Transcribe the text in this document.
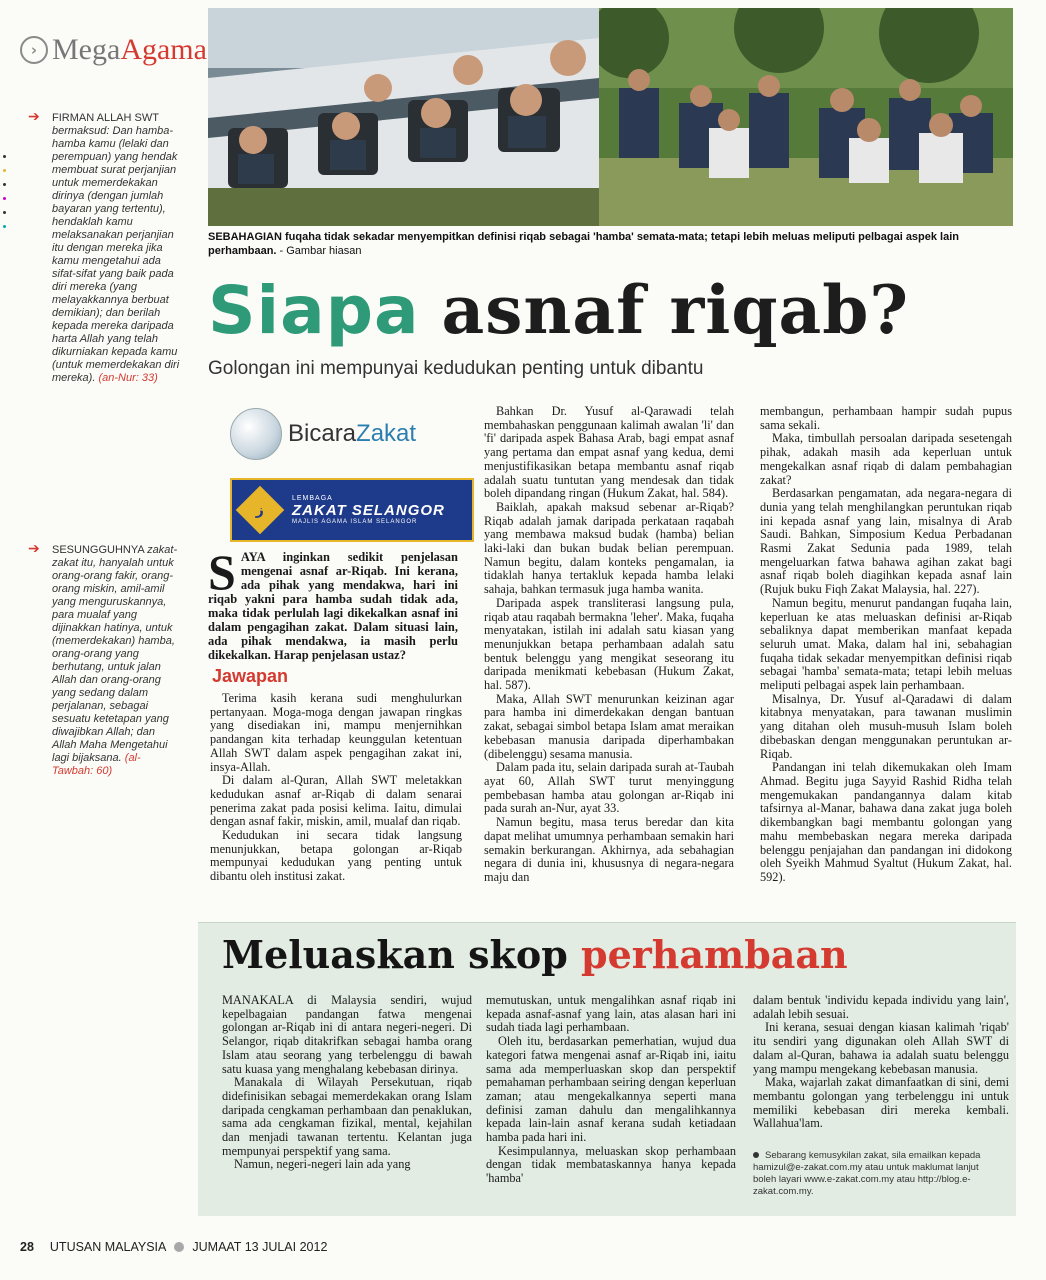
› Mega Agama
➔ FIRMAN ALLAH SWT bermaksud: Dan hamba-hamba kamu (lelaki dan perempuan) yang hendak membuat surat perjanjian untuk memerdekakan dirinya (dengan jumlah bayaran yang tertentu), hendaklah kamu melaksanakan perjanjian itu dengan mereka jika kamu mengetahui ada sifat-sifat yang baik pada diri mereka (yang melayakkannya berbuat demikian); dan berilah kepada mereka daripada harta Allah yang telah dikurniakan kepada kamu (untuk memerdekakan diri mereka). (an-Nur: 33)
➔ SESUNGGUHNYA zakat-zakat itu, hanyalah untuk orang-orang fakir, orang-orang miskin, amil-amil yang menguruskannya, para mualaf yang dijinakkan hatinya, untuk (memerdekakan) hamba, orang-orang yang berhutang, untuk jalan Allah dan orang-orang yang sedang dalam perjalanan, sebagai sesuatu ketetapan yang diwajibkan Allah; dan Allah Maha Mengetahui lagi bijaksana. (al-Tawbah: 60)
SEBAHAGIAN fuqaha tidak sekadar menyempitkan definisi riqab sebagai 'hamba' semata-mata; tetapi lebih meluas meliputi pelbagai aspek lain perhambaan. - Gambar hiasan
Siapa asnaf riqab?
Golongan ini mempunyai kedudukan penting untuk dibantu
Bicara Zakat
ز
LEMBAGA
ZAKAT SELANGOR
MAJLIS AGAMA ISLAM SELANGOR
S AYA inginkan sedikit penjelasan mengenai asnaf ar-Riqab. Ini kerana, ada pihak yang mendakwa, hari ini riqab yakni para hamba sudah tidak ada, maka tidak perlulah lagi dikekalkan asnaf ini dalam pengagihan zakat. Dalam situasi lain, ada pihak mendakwa, ia masih perlu dikekalkan. Harap penjelasan ustaz?
Jawapan

Terima kasih kerana sudi menghulurkan pertanyaan. Moga-moga dengan jawapan ringkas yang disediakan ini, mampu menjernihkan pandangan kita terhadap keunggulan ketentuan Allah SWT dalam aspek pengagihan zakat ini, insya-Allah.

Di dalam al-Quran, Allah SWT meletakkan kedudukan asnaf ar-Riqab di dalam senarai penerima zakat pada posisi kelima. Iaitu, dimulai dengan asnaf fakir, miskin, amil, mualaf dan riqab.

Kedudukan ini secara tidak langsung menunjukkan, betapa golongan ar-Riqab mempunyai kedudukan yang penting untuk dibantu oleh institusi zakat.

Bahkan Dr. Yusuf al-Qarawadi telah membahaskan penggunaan kalimah awalan 'li' dan 'fi' daripada aspek Bahasa Arab, bagi empat asnaf yang pertama dan empat asnaf yang kedua, demi menjustifikasikan betapa membantu asnaf riqab adalah suatu tuntutan yang mendesak dan tidak boleh dipandang ringan (Hukum Zakat, hal. 584).

Baiklah, apakah maksud sebenar ar-Riqab? Riqab adalah jamak daripada perkataan raqabah yang membawa maksud budak (hamba) belian laki-laki dan bukan budak belian perempuan. Namun begitu, dalam konteks pengamalan, ia tidaklah hanya tertakluk kepada hamba lelaki sahaja, bahkan termasuk juga hamba wanita.

Daripada aspek transliterasi langsung pula, riqab atau raqabah bermakna 'leher'. Maka, fuqaha menyatakan, istilah ini adalah satu kiasan yang menunjukkan betapa perhambaan adalah satu bentuk belenggu yang mengikat seseorang itu daripada menikmati kebebasan (Hukum Zakat, hal. 587).

Maka, Allah SWT menurunkan keizinan agar para hamba ini dimerdekakan dengan bantuan zakat, sebagai simbol betapa Islam amat meraikan kebebasan manusia daripada diperhambakan (dibelenggu) sesama manusia.

Dalam pada itu, selain daripada surah at-Taubah ayat 60, Allah SWT turut menyinggung pembebasan hamba atau golongan ar-Riqab ini pada surah an-Nur, ayat 33.

Namun begitu, masa terus beredar dan kita dapat melihat umumnya perhambaan semakin hari semakin berkurangan. Akhirnya, ada sebahagian negara di dunia ini, khususnya di negara-negara maju dan

membangun, perhambaan hampir sudah pupus sama sekali.

Maka, timbullah persoalan daripada sesetengah pihak, adakah masih ada keperluan untuk mengekalkan asnaf riqab di dalam pembahagian zakat?

Berdasarkan pengamatan, ada negara-negara di dunia yang telah menghilangkan peruntukan riqab ini kepada asnaf yang lain, misalnya di Arab Saudi. Bahkan, Simposium Kedua Perbadanan Rasmi Zakat Sedunia pada 1989, telah mengeluarkan fatwa bahawa agihan zakat bagi asnaf riqab boleh diagihkan kepada asnaf lain (Rujuk buku Fiqh Zakat Malaysia, hal. 227).

Namun begitu, menurut pandangan fuqaha lain, keperluan ke atas meluaskan definisi ar-Riqab sebaliknya dapat memberikan manfaat kepada seluruh umat. Maka, dalam hal ini, sebahagian fuqaha tidak sekadar menyempitkan definisi riqab sebagai 'hamba' semata-mata; tetapi lebih meluas meliputi pelbagai aspek lain perhambaan.

Misalnya, Dr. Yusuf al-Qaradawi di dalam kitabnya menyatakan, para tawanan muslimin yang ditahan oleh musuh-musuh Islam boleh dibebaskan dengan menggunakan peruntukan ar-Riqab.

Pandangan ini telah dikemukakan oleh Imam Ahmad. Begitu juga Sayyid Rashid Ridha telah mengemukakan pandangannya dalam kitab tafsirnya al-Manar, bahawa dana zakat juga boleh dikembangkan bagi membantu golongan yang mahu membebaskan negara mereka daripada belenggu penjajahan dan pandangan ini didokong oleh Syeikh Mahmud Syaltut (Hukum Zakat, hal. 592).

Meluaskan skop perhambaan

MANAKALA di Malaysia sendiri, wujud kepelbagaian pandangan fatwa mengenai golongan ar-Riqab ini di antara negeri-negeri. Di Selangor, riqab ditakrifkan sebagai hamba orang Islam atau seorang yang terbelenggu di bawah satu kuasa yang menghalang kebebasan dirinya.

Manakala di Wilayah Persekutuan, riqab didefinisikan sebagai memerdekakan orang Islam daripada cengkaman perhambaan dan penaklukan, sama ada cengkaman fizikal, mental, kejahilan dan menjadi tawanan tertentu. Kelantan juga mempunyai perspektif yang sama.

Namun, negeri-negeri lain ada yang

memutuskan, untuk mengalihkan asnaf riqab ini kepada asnaf-asnaf yang lain, atas alasan hari ini sudah tiada lagi perhambaan.

Oleh itu, berdasarkan pemerhatian, wujud dua kategori fatwa mengenai asnaf ar-Riqab ini, iaitu sama ada memperluaskan skop dan perspektif pemahaman perhambaan seiring dengan keperluan zaman; atau mengekalkannya seperti mana definisi zaman dahulu dan mengalihkannya kepada lain-lain asnaf kerana sudah ketiadaan hamba pada hari ini.

Kesimpulannya, meluaskan skop perhambaan dengan tidak membataskannya hanya kepada 'hamba'

dalam bentuk 'individu kepada individu yang lain', adalah lebih sesuai.

Ini kerana, sesuai dengan kiasan kalimah 'riqab' itu sendiri yang digunakan oleh Allah SWT di dalam al-Quran, bahawa ia adalah suatu belenggu yang mampu mengekang kebebasan manusia.

Maka, wajarlah zakat dimanfaatkan di sini, demi membantu golongan yang terbelenggu ini untuk memiliki kebebasan diri mereka kembali. Wallahua'lam.

Sebarang kemusykilan zakat, sila emailkan kepada hamizul@e-zakat.com.my atau untuk maklumat lanjut boleh layari www.e-zakat.com.my atau http://blog.e-zakat.com.my.
28 UTUSAN MALAYSIA JUMAAT 13 JULAI 2012
